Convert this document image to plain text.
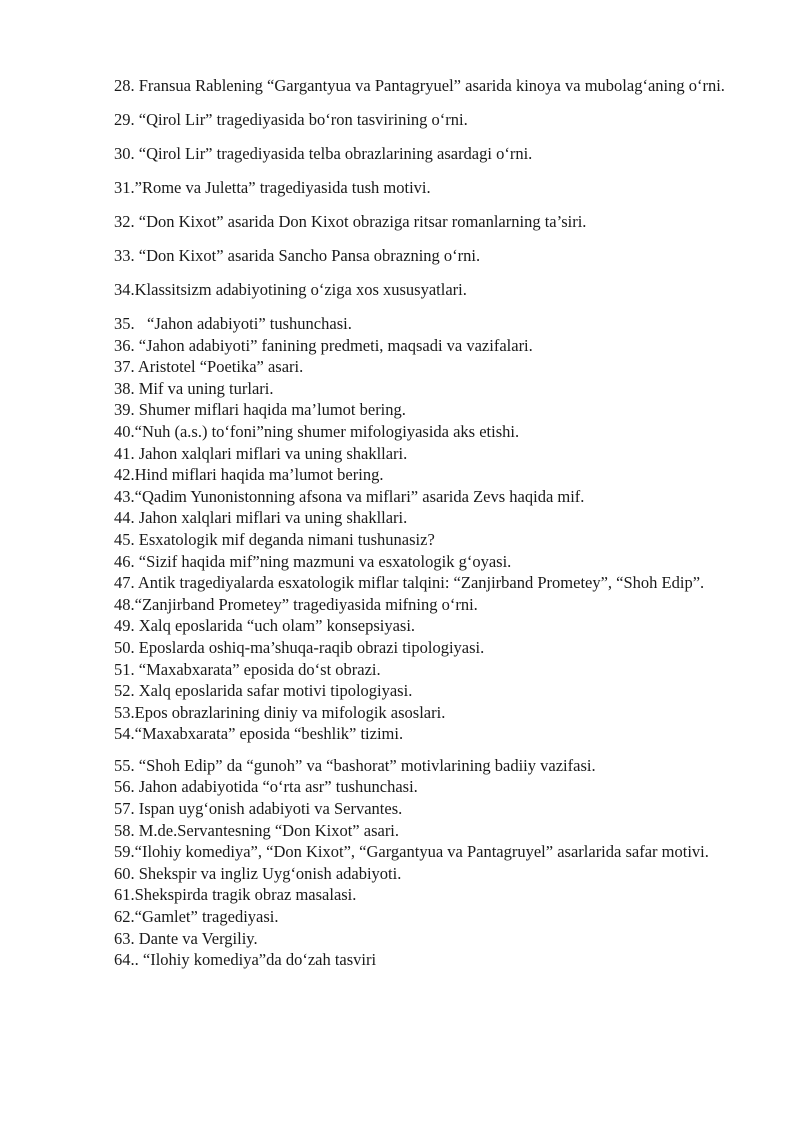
28. Fransua Rablening “Gargantyua va Pantagryuel” asarida kinoya va mubolag‘aning o‘rni.

29. “Qirol Lir” tragediyasida bo‘ron tasvirining o‘rni.

30. “Qirol Lir” tragediyasida telba obrazlarining asardagi o‘rni.

31.”Rome va Juletta” tragediyasida tush motivi.

32. “Don Kixot” asarida Don Kixot obraziga ritsar romanlarning ta’siri.

33. “Don Kixot” asarida Sancho Pansa obrazning o‘rni.

34.Klassitsizm adabiyotining o‘ziga xos xususyatlari.

35.   “Jahon adabiyoti” tushunchasi.

36. “Jahon adabiyoti” fanining predmeti, maqsadi va vazifalari.

37. Aristotel “Poetika” asari.

38. Mif va uning turlari.

39. Shumer miflari haqida ma’lumot bering.

40.“Nuh (a.s.) to‘foni”ning shumer mifologiyasida aks etishi.

41. Jahon xalqlari miflari va uning shakllari.

42.Hind miflari haqida ma’lumot bering.

43.“Qadim Yunonistonning afsona va miflari” asarida Zevs haqida mif.

44. Jahon xalqlari miflari va uning shakllari.

45. Esxatologik mif deganda nimani tushunasiz?

46. “Sizif haqida mif”ning mazmuni va esxatologik g‘oyasi.

47. Antik tragediyalarda esxatologik miflar talqini: “Zanjirband Prometey”, “Shoh Edip”.

48.“Zanjirband Prometey” tragediyasida mifning o‘rni.

49. Xalq eposlarida “uch olam” konsepsiyasi.

50. Eposlarda oshiq-ma’shuqa-raqib obrazi tipologiyasi.

51. “Maxabxarata” eposida do‘st obrazi.

52. Xalq eposlarida safar motivi tipologiyasi.

53.Epos obrazlarining diniy va mifologik asoslari.

54.“Maxabxarata” eposida “beshlik” tizimi.

55. “Shoh Edip” da “gunoh” va “bashorat” motivlarining badiiy vazifasi.

56. Jahon adabiyotida “o‘rta asr” tushunchasi.

57. Ispan uyg‘onish adabiyoti va Servantes.

58. M.de.Servantesning “Don Kixot” asari.

59.“Ilohiy komediya”, “Don Kixot”, “Gargantyua va Pantagruyel” asarlarida safar motivi.

60. Shekspir va ingliz Uyg‘onish adabiyoti.

61.Shekspirda tragik obraz masalasi.

62.“Gamlet” tragediyasi.

63. Dante va Vergiliy.

64.. “Ilohiy komediya”da do‘zah tasviri
